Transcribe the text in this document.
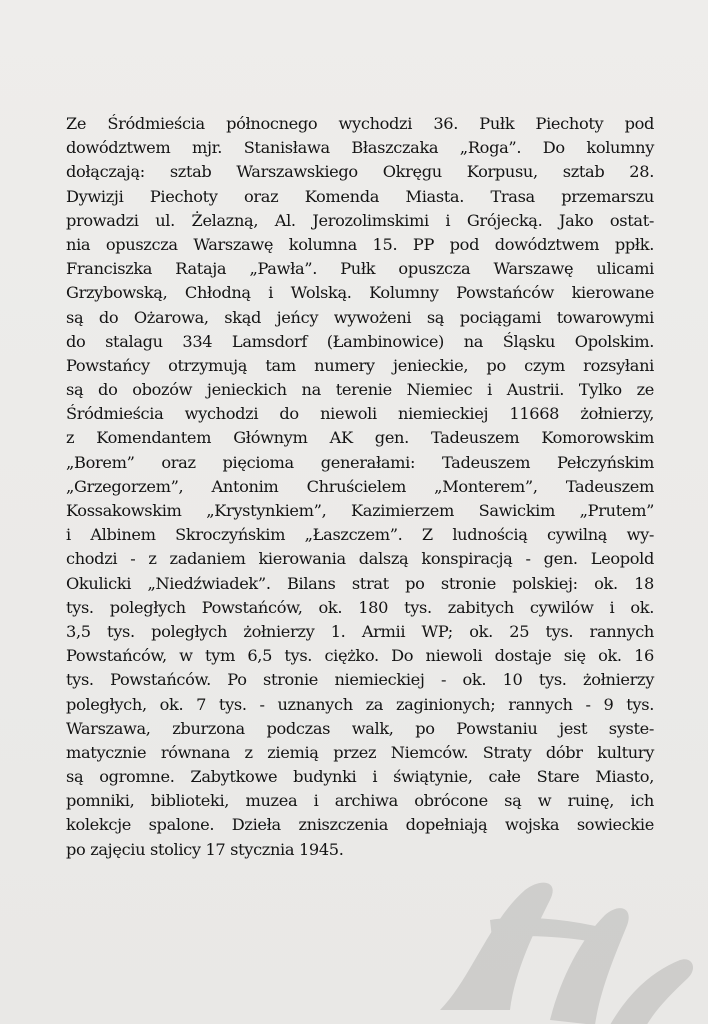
Ze Śródmieścia północnego wychodzi 36. Pułk Piechoty pod
dowództwem mjr. Stanisława Błaszczaka „Roga”. Do kolumny
dołączają: sztab Warszawskiego Okręgu Korpusu, sztab 28.
Dywizji Piechoty oraz Komenda Miasta. Trasa przemarszu
prowadzi ul. Żelazną, Al. Jerozolimskimi i Grójecką. Jako ostat-
nia opuszcza Warszawę kolumna 15. PP pod dowództwem ppłk.
Franciszka Rataja „Pawła”. Pułk opuszcza Warszawę ulicami
Grzybowską, Chłodną i Wolską. Kolumny Powstańców kierowane
są do Ożarowa, skąd jeńcy wywożeni są pociągami towarowymi
do stalagu 334 Lamsdorf (Łambinowice) na Śląsku Opolskim.
Powstańcy otrzymują tam numery jenieckie, po czym rozsyłani
są do obozów jenieckich na terenie Niemiec i Austrii. Tylko ze
Śródmieścia wychodzi do niewoli niemieckiej 11668 żołnierzy,
z Komendantem Głównym AK gen. Tadeuszem Komorowskim
„Borem” oraz pięcioma generałami: Tadeuszem Pełczyńskim
„Grzegorzem”, Antonim Chruścielem „Monterem”, Tadeuszem
Kossakowskim „Krystynkiem”, Kazimierzem Sawickim „Prutem”
i Albinem Skroczyńskim „Łaszczem”. Z ludnością cywilną wy-
chodzi - z zadaniem kierowania dalszą konspiracją - gen. Leopold
Okulicki „Niedźwiadek”. Bilans strat po stronie polskiej: ok. 18
tys. poległych Powstańców, ok. 180 tys. zabitych cywilów i ok.
3,5 tys. poległych żołnierzy 1. Armii WP; ok. 25 tys. rannych
Powstańców, w tym 6,5 tys. ciężko. Do niewoli dostaje się ok. 16
tys. Powstańców. Po stronie niemieckiej - ok. 10 tys. żołnierzy
poległych, ok. 7 tys. - uznanych za zaginionych; rannych - 9 tys.
Warszawa, zburzona podczas walk, po Powstaniu jest syste-
matycznie równana z ziemią przez Niemców. Straty dóbr kultury
są ogromne. Zabytkowe budynki i świątynie, całe Stare Miasto,
pomniki, biblioteki, muzea i archiwa obrócone są w ruinę, ich
kolekcje spalone. Dzieła zniszczenia dopełniają wojska sowieckie
po zajęciu stolicy 17 stycznia 1945.
